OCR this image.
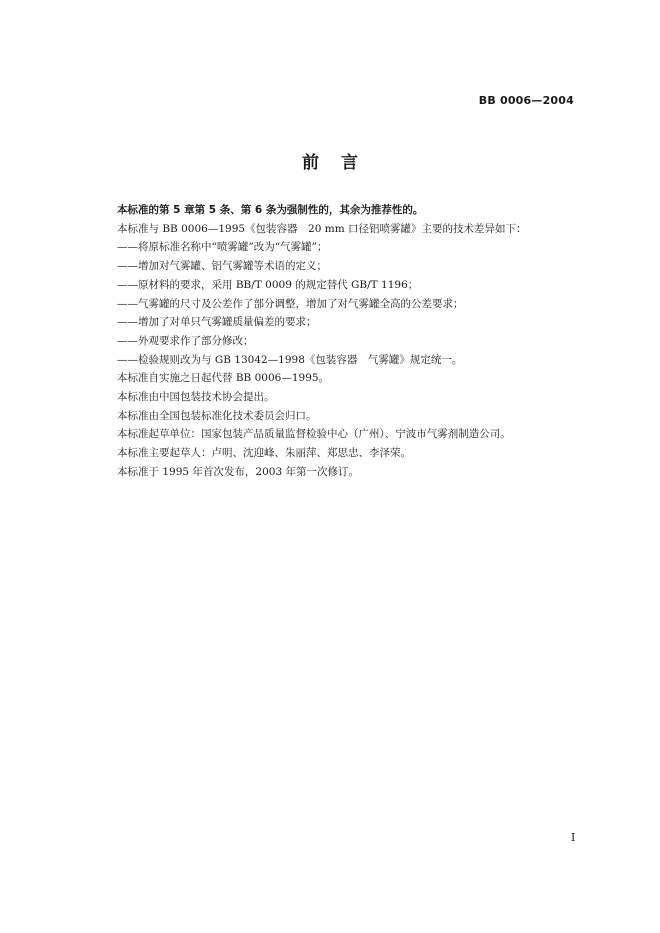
BB 0006—2004
前言
本标准的第 5 章第 5 条、第 6 条为强制性的，其余为推荐性的。
本标准与 BB 0006—1995《包装容器　20 mm 口径铝喷雾罐》主要的技术差异如下：
——将原标准名称中“喷雾罐”改为“气雾罐”；
——增加对气雾罐、铝气雾罐等术语的定义；
——原材料的要求，采用 BB/T 0009 的规定替代 GB/T 1196；
——气雾罐的尺寸及公差作了部分调整，增加了对气雾罐全高的公差要求；
——增加了对单只气雾罐质量偏差的要求；
——外观要求作了部分修改；
——检验规则改为与 GB 13042—1998《包装容器　气雾罐》规定统一。
本标准自实施之日起代替 BB 0006—1995。
本标准由中国包装技术协会提出。
本标准由全国包装标准化技术委员会归口。
本标准起草单位：国家包装产品质量监督检验中心（广州）、宁波市气雾剂制造公司。
本标准主要起草人：卢明、沈迎峰、朱丽萍、郑思忠、李泽荣。
本标准于 1995 年首次发布，2003 年第一次修订。
I
